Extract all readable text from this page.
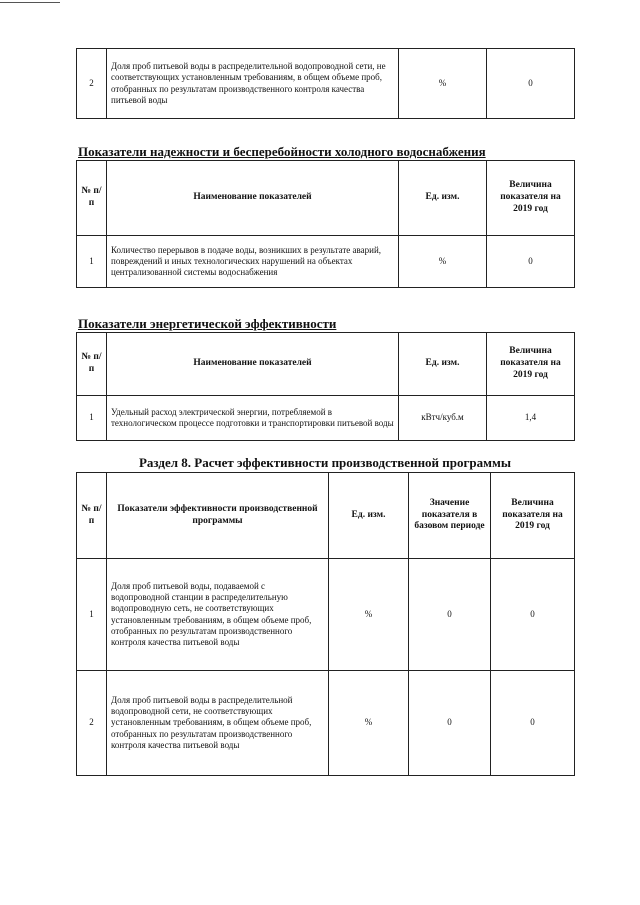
2	Доля проб питьевой воды в распределительной водопроводной сети, не соответствующих установленным требованиям, в общем объеме проб, отобранных по результатам производственного контроля качества питьевой воды	%	0
Показатели надежности и бесперебойности холодного водоснабжения
№ п/п	Наименование показателей	Ед. изм.	Величина показателя на 2019 год
1	Количество перерывов в подаче воды, возникших в результате аварий, повреждений и иных технологических нарушений на объектах централизованной системы водоснабжения	%	0
Показатели энергетической эффективности
№ п/п	Наименование показателей	Ед. изм.	Величина показателя на 2019 год
1	Удельный расход электрической энергии, потребляемой в технологическом процессе подготовки и транспортировки питьевой воды	кВтч/куб.м	1,4
Раздел 8. Расчет эффективности производственной программы
№ п/п	Показатели эффективности производственной программы	Ед. изм.	Значение показателя в базовом периоде	Величина показателя на 2019 год
1	Доля проб питьевой воды, подаваемой с водопроводной станции в распределительную водопроводную сеть, не соответствующих установленным требованиям, в общем объеме проб, отобранных по результатам производственного контроля качества питьевой воды	%	0	0
2	Доля проб питьевой воды в распределительной водопроводной сети, не соответствующих установленным требованиям, в общем объеме проб, отобранных по результатам производственного контроля качества питьевой воды	%	0	0
